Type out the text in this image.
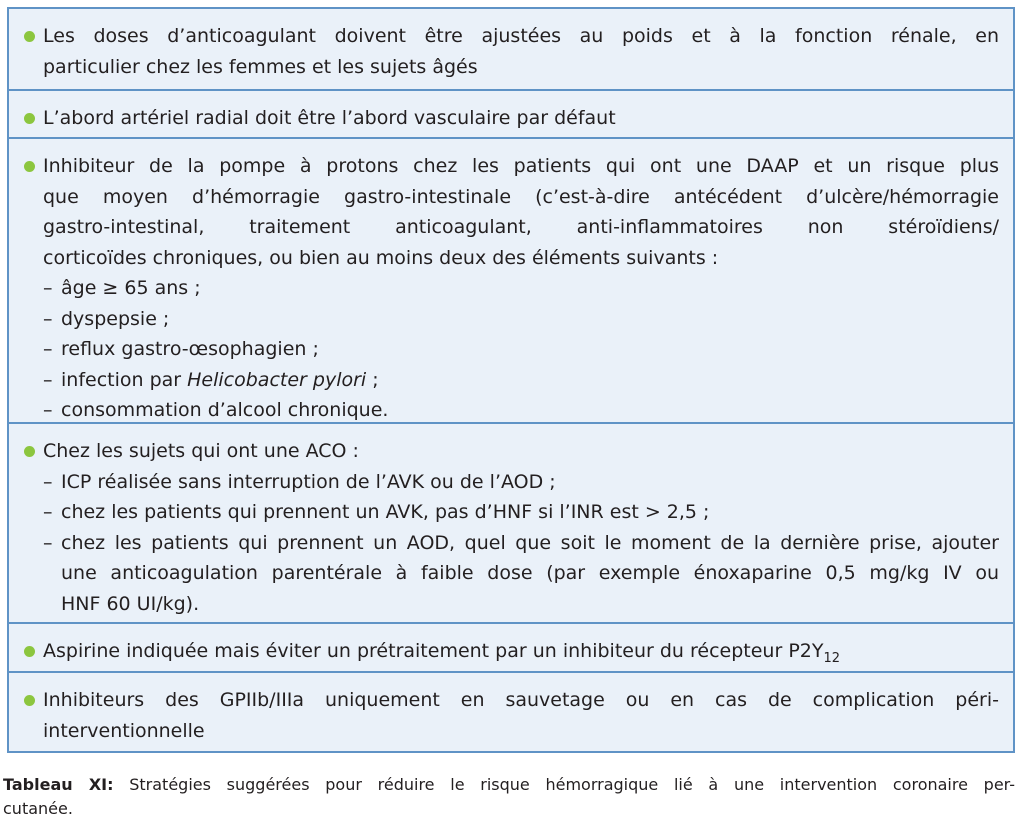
Les doses d’anticoagulant doivent être ajustées au poids et à la fonction rénale, en
particulier chez les femmes et les sujets âgés
L’abord artériel radial doit être l’abord vasculaire par défaut
Inhibiteur de la pompe à protons chez les patients qui ont une DAAP et un risque plus
que moyen d’hémorragie gastro-intestinale (c’est-à-dire antécédent d’ulcère/hémorragie
gastro-intestinal, traitement anticoagulant, anti-inflammatoires non stéroïdiens/
corticoïdes chroniques, ou bien au moins deux des éléments suivants :
– âge ≥ 65 ans ;
– dyspepsie ;
– reflux gastro-œsophagien ;
– infection par Helicobacter pylori ;
– consommation d’alcool chronique.
Chez les sujets qui ont une ACO :
– ICP réalisée sans interruption de l’AVK ou de l’AOD ;
– chez les patients qui prennent un AVK, pas d’HNF si l’INR est > 2,5 ;
– chez les patients qui prennent un AOD, quel que soit le moment de la dernière prise, ajouter
une anticoagulation parentérale à faible dose (par exemple énoxaparine 0,5 mg/kg IV ou
HNF 60 UI/kg).
Aspirine indiquée mais éviter un prétraitement par un inhibiteur du récepteur $P2Y_{12}$
Inhibiteurs des GPIIb/IIIa uniquement en sauvetage ou en cas de complication péri-
interventionnelle
Tableau XI: Stratégies suggérées pour réduire le risque hémorragique lié à une intervention coronaire per-
cutanée.
